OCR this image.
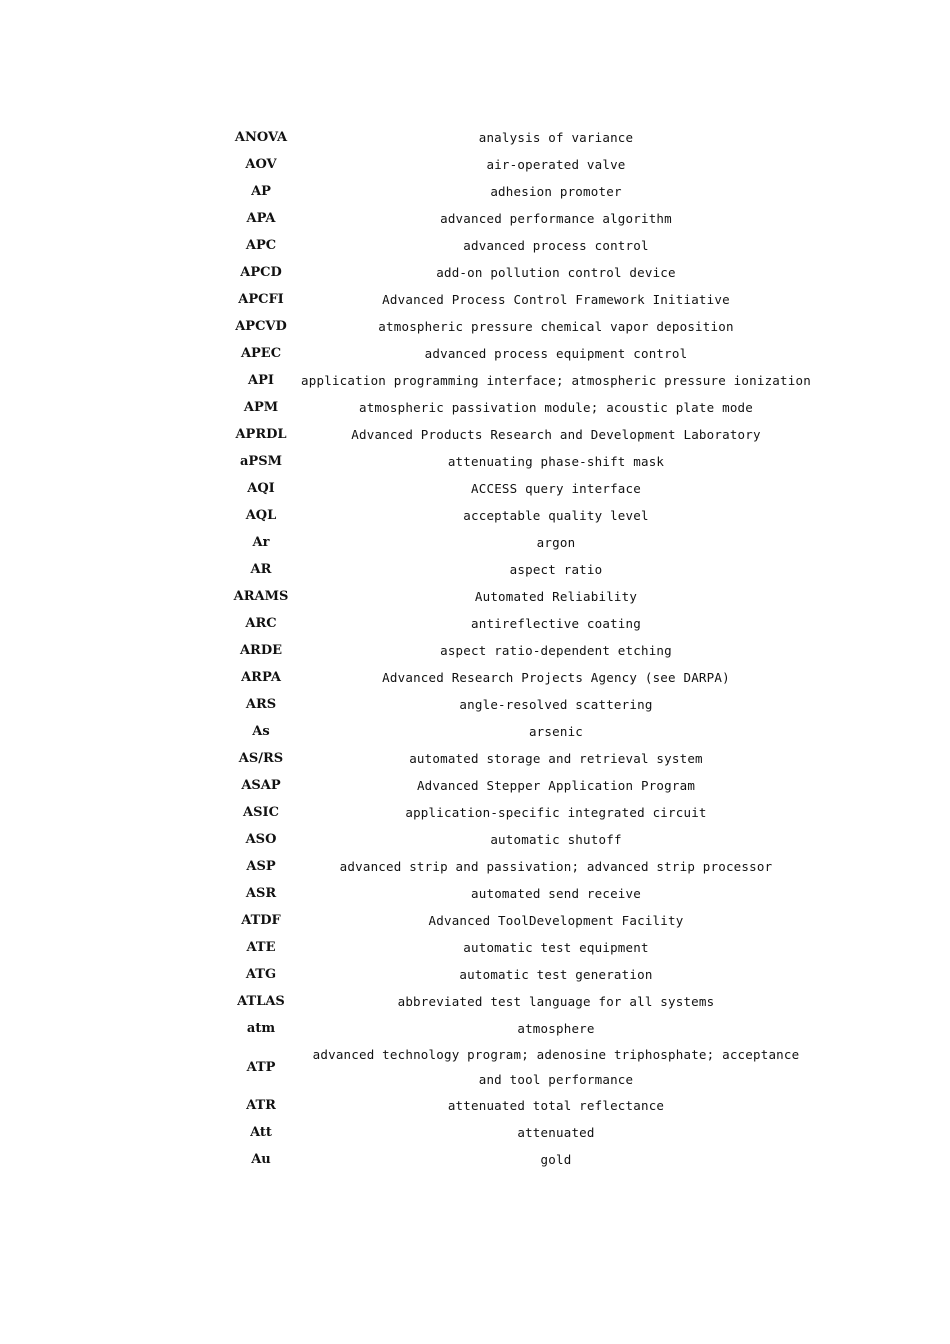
ANOVA	analysis of variance
AOV	air-operated valve
AP	adhesion promoter
APA	advanced performance algorithm
APC	advanced process control
APCD	add-on pollution control device
APCFI	Advanced Process Control Framework Initiative
APCVD	atmospheric pressure chemical vapor deposition
APEC	advanced process equipment control
API	application programming interface; atmospheric pressure ionization
APM	atmospheric passivation module; acoustic plate mode
APRDL	Advanced Products Research and Development Laboratory
aPSM	attenuating phase-shift mask
AQI	ACCESS query interface
AQL	acceptable quality level
Ar	argon
AR	aspect ratio
ARAMS	Automated Reliability
ARC	antireflective coating
ARDE	aspect ratio-dependent etching
ARPA	Advanced Research Projects Agency (see DARPA)
ARS	angle-resolved scattering
As	arsenic
AS/RS	automated storage and retrieval system
ASAP	Advanced Stepper Application Program
ASIC	application-specific integrated circuit
ASO	automatic shutoff
ASP	advanced strip and passivation; advanced strip processor
ASR	automated send receive
ATDF	Advanced ToolDevelopment Facility
ATE	automatic test equipment
ATG	automatic test generation
ATLAS	abbreviated test language for all systems
atm	atmosphere
ATP	advanced technology program; adenosine triphosphate; acceptance and tool performance
ATR	attenuated total reflectance
Att	attenuated
Au	gold
